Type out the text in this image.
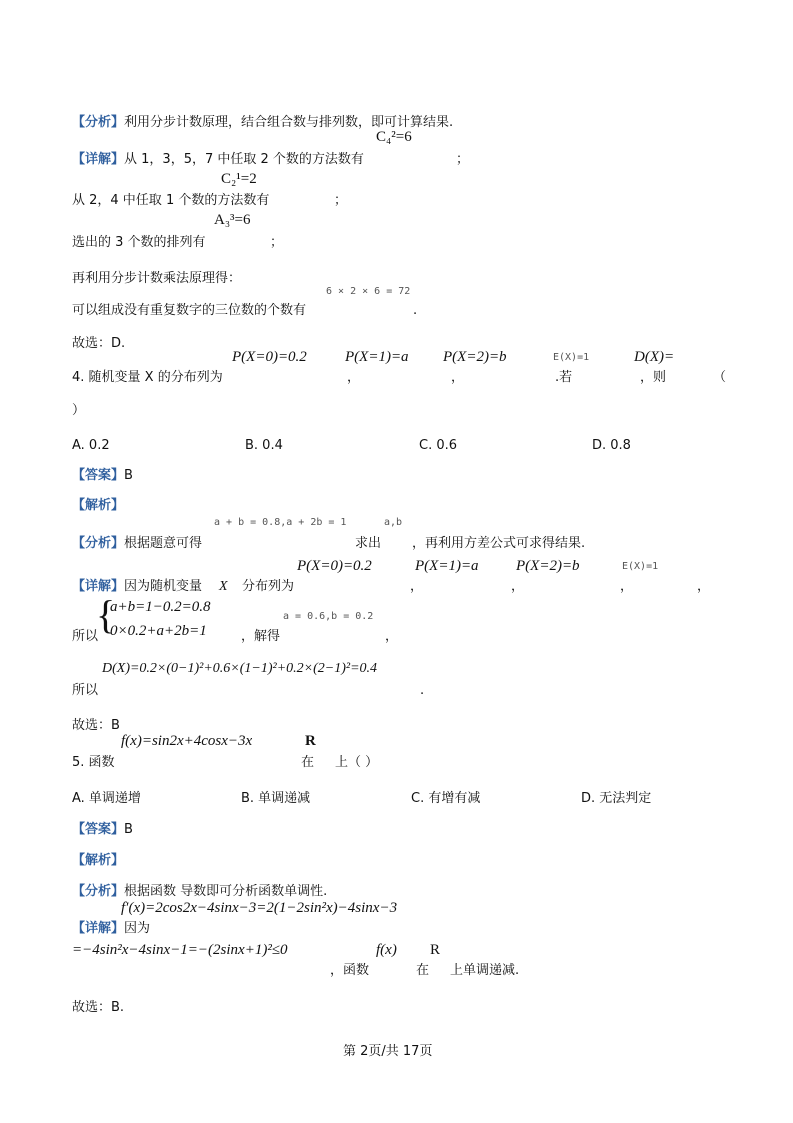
【分析】利用分步计数原理，结合组合数与排列数，即可计算结果.
C₄²=6
【详解】从 1，3，5，7 中任取 2 个数的方法数有	；
C₂¹=2
从 2，4 中任取 1 个数的方法数有	；
A₃³=6
选出的 3 个数的排列有	；
再利用分步计数乘法原理得：
6 × 2 × 6 = 72
可以组成没有重复数字的三位数的个数有	.
故选：D.
P(X=0)=0.2	P(X=1)=a P(X=2)=b	E(X)=1	D(X)=
4. 随机变量 X 的分布列为	，	，	.若	，则	（
）
A. 0.2	B. 0.4	C. 0.6	D. 0.8
【答案】B
【解析】
a + b = 0.8,a + 2b = 1	a,b
【分析】根据题意可得	求出 ，再利用方差公式可求得结果.
P(X=0)=0.2	P(X=1)=a P(X=2)=b	E(X)=1
【详解】因为随机变量 X 分布列为	，	，	，	，
{
a+b=1−0.2=0.8
0×0.2+a+2b=1
所以	，解得
a = 0.6,b = 0.2
，
D(X)=0.2×(0−1)²+0.6×(1−1)²+0.2×(2−1)²=0.4
所以	.
故选：B
f(x)=sin2x+4cosx−3x	R
5. 函数	在 上（ ）
A. 单调递增	B. 单调递减	C. 有增有减	D. 无法判定
【答案】B
【解析】
【分析】根据函数 导数即可分析函数单调性.
f′(x)=2cos2x−4sinx−3=2(1−2sin²x)−4sinx−3
【详解】因为
=−4sin²x−4sinx−1=−(2sinx+1)²≤0	f(x) R
，函数	在 上单调递减.
故选：B.
第 2页/共 17页
